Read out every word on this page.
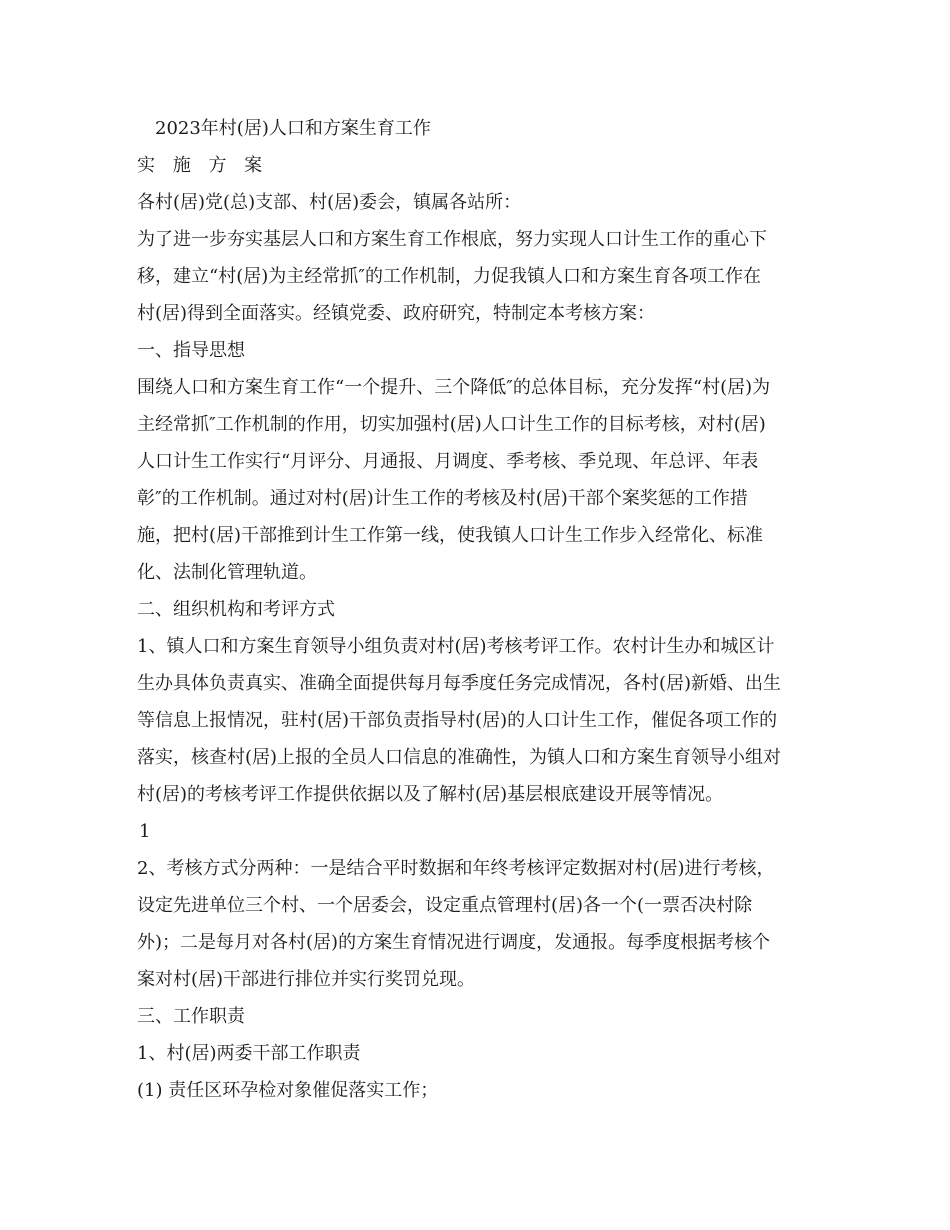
2023年村(居)人口和方案生育工作
实 施 方 案
各村(居)党(总)支部、村(居)委会，镇属各站所：
为了进一步夯实基层人口和方案生育工作根底，努力实现人口计生工作的重心下
移，建立“村(居)为主经常抓″的工作机制，力促我镇人口和方案生育各项工作在
村(居)得到全面落实。经镇党委、政府研究，特制定本考核方案：
一、指导思想
围绕人口和方案生育工作“一个提升、三个降低″的总体目标，充分发挥“村(居)为
主经常抓″工作机制的作用，切实加强村(居)人口计生工作的目标考核，对村(居)
人口计生工作实行“月评分、月通报、月调度、季考核、季兑现、年总评、年表
彰″的工作机制。通过对村(居)计生工作的考核及村(居)干部个案奖惩的工作措
施，把村(居)干部推到计生工作第一线，使我镇人口计生工作步入经常化、标准
化、法制化管理轨道。
二、组织机构和考评方式
1、镇人口和方案生育领导小组负责对村(居)考核考评工作。农村计生办和城区计
生办具体负责真实、准确全面提供每月每季度任务完成情况，各村(居)新婚、出生
等信息上报情况，驻村(居)干部负责指导村(居)的人口计生工作，催促各项工作的
落实，核查村(居)上报的全员人口信息的准确性，为镇人口和方案生育领导小组对
村(居)的考核考评工作提供依据以及了解村(居)基层根底建设开展等情况。
1
2、考核方式分两种：一是结合平时数据和年终考核评定数据对村(居)进行考核，
设定先进单位三个村、一个居委会，设定重点管理村(居)各一个(一票否决村除
外)；二是每月对各村(居)的方案生育情况进行调度，发通报。每季度根据考核个
案对村(居)干部进行排位并实行奖罚兑现。
三、工作职责
1、村(居)两委干部工作职责
(1) 责任区环孕检对象催促落实工作；
